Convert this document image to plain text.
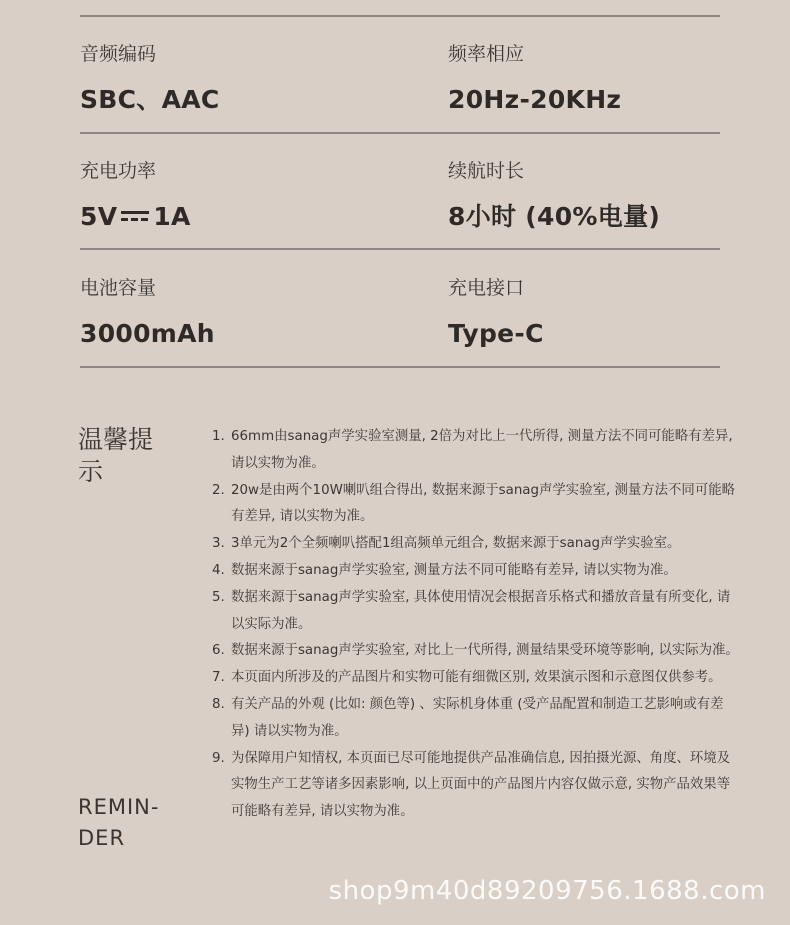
音频编码
SBC、AAC
频率相应
20Hz-20KHz
充电功率
5V 1A
续航时长
8小时 (40%电量)
电池容量
3000mAh
充电接口
Type-C
温馨提示
REMIN-DER
1. 66mm由sanag声学实验室测量, 2倍为对比上一代所得, 测量方法不同可能略有差异, 请以实物为准。
2. 20w是由两个10W喇叭组合得出, 数据来源于sanag声学实验室, 测量方法不同可能略有差异, 请以实物为准。
3. 3单元为2个全频喇叭搭配1组高频单元组合, 数据来源于sanag声学实验室。
4. 数据来源于sanag声学实验室, 测量方法不同可能略有差异, 请以实物为准。
5. 数据来源于sanag声学实验室, 具体使用情况会根据音乐格式和播放音量有所变化, 请以实际为准。
6. 数据来源于sanag声学实验室, 对比上一代所得, 测量结果受环境等影响, 以实际为准。
7. 本页面内所涉及的产品图片和实物可能有细微区别, 效果演示图和示意图仅供参考。
8. 有关产品的外观 (比如: 颜色等) 、实际机身体重 (受产品配置和制造工艺影响或有差异) 请以实物为准。
9. 为保障用户知情权, 本页面已尽可能地提供产品准确信息, 因拍摄光源、角度、环境及实物生产工艺等诸多因素影响, 以上页面中的产品图片内容仅做示意, 实物产品效果等可能略有差异, 请以实物为准。
shop9m40d89209756.1688.com
